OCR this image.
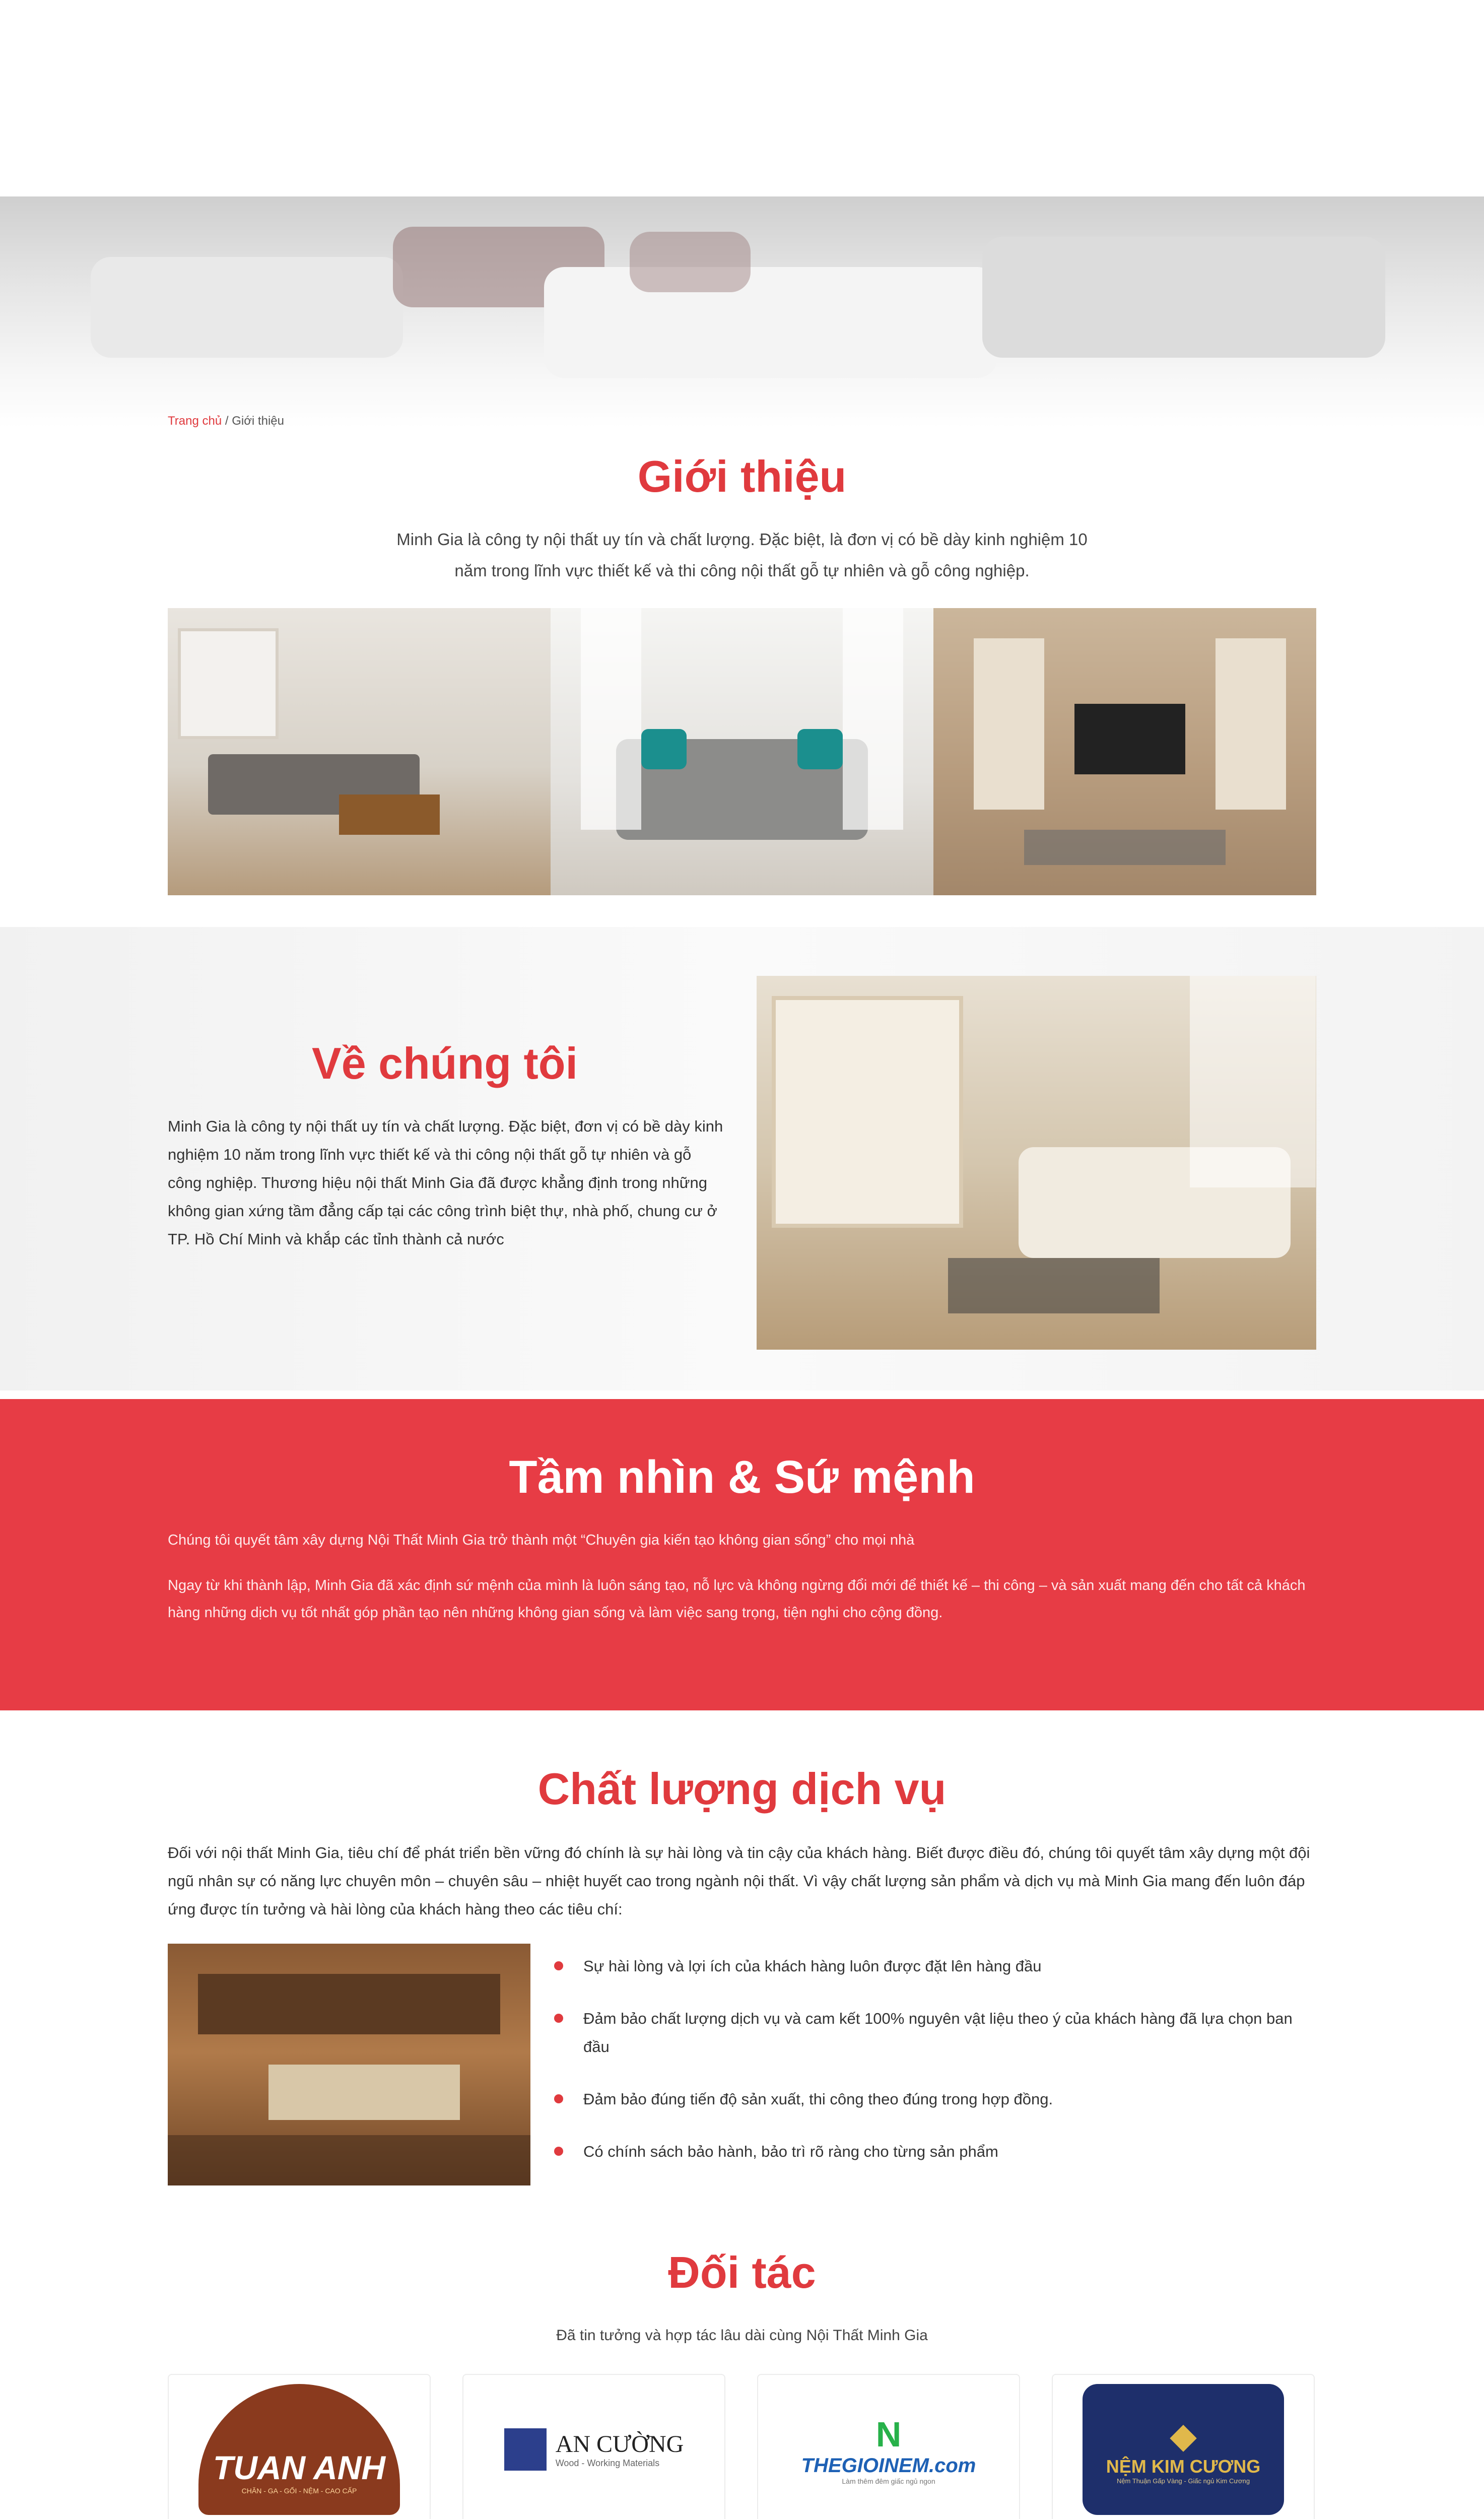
Trang chủ / Giới thiệu
Giới thiệu
Minh Gia là công ty nội thất uy tín và chất lượng. Đặc biệt, là đơn vị có bề dày kinh nghiệm 10
năm trong lĩnh vực thiết kế và thi công nội thất gỗ tự nhiên và gỗ công nghiệp.
Về chúng tôi
Minh Gia là công ty nội thất uy tín và chất lượng. Đặc biệt, đơn vị có bề dày kinh nghiệm 10 năm trong lĩnh vực thiết kế và thi công nội thất gỗ tự nhiên và gỗ công nghiệp. Thương hiệu nội thất Minh Gia đã được khẳng định trong những không gian xứng tầm đẳng cấp tại các công trình biệt thự, nhà phố, chung cư ở TP. Hồ Chí Minh và khắp các tỉnh thành cả nước
Tầm nhìn & Sứ mệnh
Chúng tôi quyết tâm xây dựng Nội Thất Minh Gia trở thành một “Chuyên gia kiến tạo không gian sống” cho mọi nhà
Ngay từ khi thành lập, Minh Gia đã xác định sứ mệnh của mình là luôn sáng tạo, nỗ lực và không ngừng đổi mới để thiết kế – thi công – và sản xuất mang đến cho tất cả khách hàng những dịch vụ tốt nhất góp phần tạo nên những không gian sống và làm việc sang trọng, tiện nghi cho cộng đồng.
Chất lượng dịch vụ
Đối với nội thất Minh Gia, tiêu chí để phát triển bền vững đó chính là sự hài lòng và tin cậy của khách hàng. Biết được điều đó, chúng tôi quyết tâm xây dựng một đội ngũ nhân sự có năng lực chuyên môn – chuyên sâu – nhiệt huyết cao trong ngành nội thất. Vì vậy chất lượng sản phẩm và dịch vụ mà Minh Gia mang đến luôn đáp ứng được tín tưởng và hài lòng của khách hàng theo các tiêu chí:
Sự hài lòng và lợi ích của khách hàng luôn được đặt lên hàng đầu
Đảm bảo chất lượng dịch vụ và cam kết 100% nguyên vật liệu theo ý của khách hàng đã lựa chọn ban đầu
Đảm bảo đúng tiến độ sản xuất, thi công theo đúng trong hợp đồng.
Có chính sách bảo hành, bảo trì rõ ràng cho từng sản phẩm
Đối tác
Đã tin tưởng và hợp tác lâu dài cùng Nội Thất Minh Gia
TUAN ANH
CHĂN - GA - GỐI - NỆM - CAO CẤP
AN CƯỜNG
Wood - Working Materials
N
THEGIOINEM.com
Làm thêm đêm giấc ngủ ngon
◆
NỆM KIM CƯƠNG
Nệm Thuận Gấp Vàng - Giấc ngủ Kim Cương
